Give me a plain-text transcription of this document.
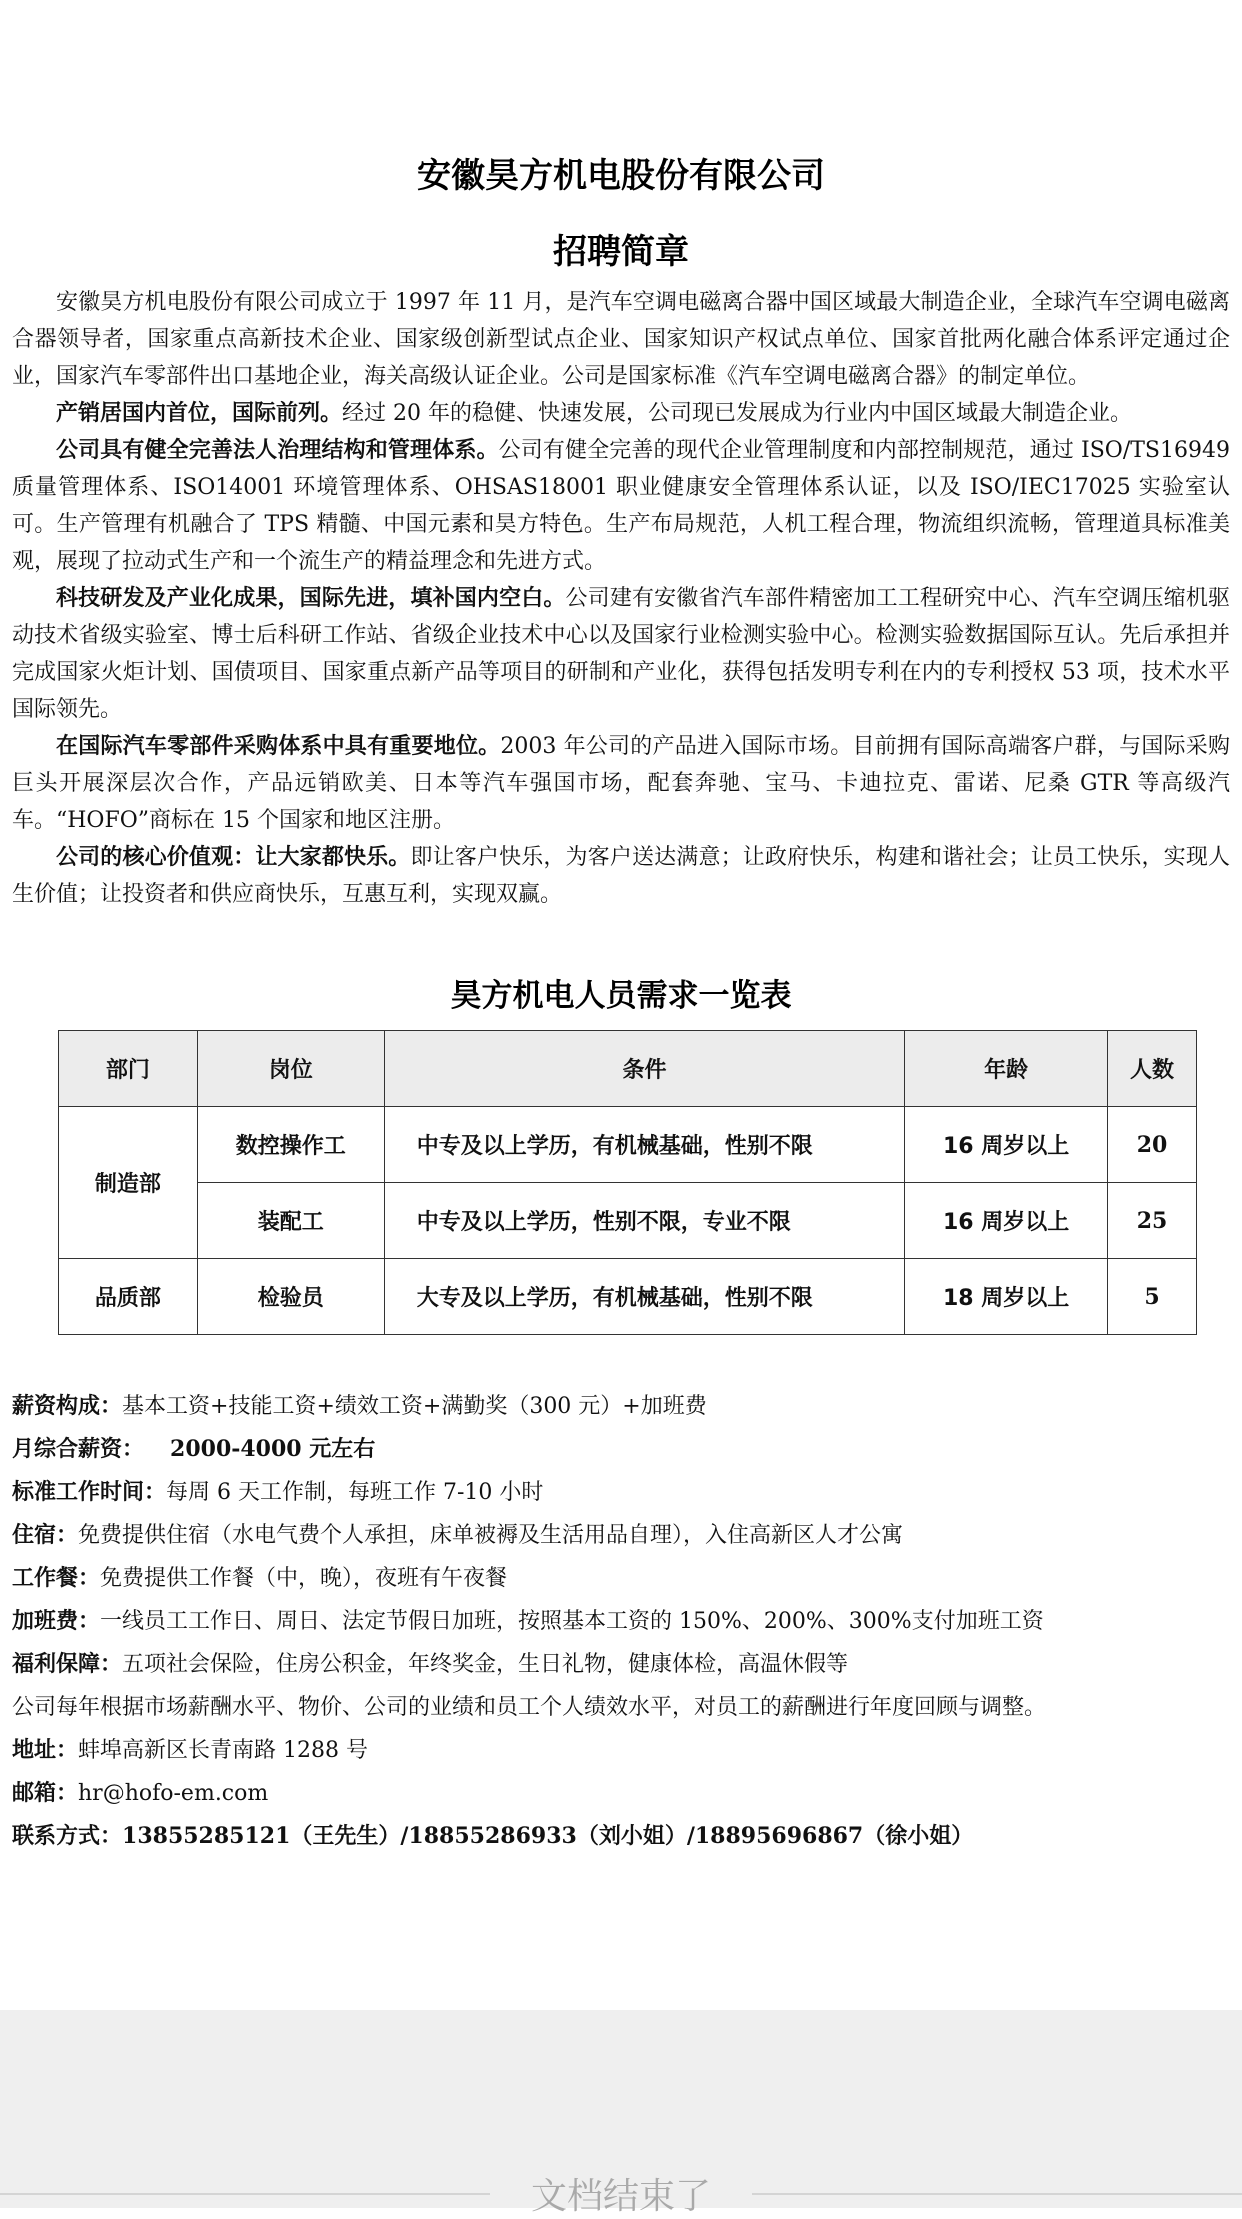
安徽昊方机电股份有限公司
招聘简章

安徽昊方机电股份有限公司成立于 1997 年 11 月，是汽车空调电磁离合器中国区域最大制造企业，全球汽车空调电磁离合器领导者，国家重点高新技术企业、国家级创新型试点企业、国家知识产权试点单位、国家首批两化融合体系评定通过企业，国家汽车零部件出口基地企业，海关高级认证企业。公司是国家标准《汽车空调电磁离合器》的制定单位。

产销居国内首位，国际前列。经过 20 年的稳健、快速发展，公司现已发展成为行业内中国区域最大制造企业。

公司具有健全完善法人治理结构和管理体系。公司有健全完善的现代企业管理制度和内部控制规范，通过 ISO/TS16949 质量管理体系、ISO14001 环境管理体系、OHSAS18001 职业健康安全管理体系认证，以及 ISO/IEC17025 实验室认可。生产管理有机融合了 TPS 精髓、中国元素和昊方特色。生产布局规范，人机工程合理，物流组织流畅，管理道具标准美观，展现了拉动式生产和一个流生产的精益理念和先进方式。

科技研发及产业化成果，国际先进，填补国内空白。公司建有安徽省汽车部件精密加工工程研究中心、汽车空调压缩机驱动技术省级实验室、博士后科研工作站、省级企业技术中心以及国家行业检测实验中心。检测实验数据国际互认。先后承担并完成国家火炬计划、国债项目、国家重点新产品等项目的研制和产业化，获得包括发明专利在内的专利授权 53 项，技术水平国际领先。

在国际汽车零部件采购体系中具有重要地位。2003 年公司的产品进入国际市场。目前拥有国际高端客户群，与国际采购巨头开展深层次合作，产品远销欧美、日本等汽车强国市场，配套奔驰、宝马、卡迪拉克、雷诺、尼桑 GTR 等高级汽车。“HOFO”商标在 15 个国家和地区注册。

公司的核心价值观：让大家都快乐。即让客户快乐，为客户送达满意；让政府快乐，构建和谐社会；让员工快乐，实现人生价值；让投资者和供应商快乐，互惠互利，实现双赢。

昊方机电人员需求一览表
部门	岗位	条件	年龄	人数
制造部	数控操作工	中专及以上学历，有机械基础，性别不限	16 周岁以上	20
	装配工	中专及以上学历，性别不限，专业不限	16 周岁以上	25
品质部	检验员	大专及以上学历，有机械基础，性别不限	18 周岁以上	5
薪资构成：基本工资+技能工资+绩效工资+满勤奖（300 元）+加班费
月综合薪资： 2000-4000 元左右
标准工作时间：每周 6 天工作制，每班工作 7-10 小时
住宿：免费提供住宿（水电气费个人承担，床单被褥及生活用品自理），入住高新区人才公寓
工作餐：免费提供工作餐（中，晚），夜班有午夜餐
加班费：一线员工工作日、周日、法定节假日加班，按照基本工资的 150%、200%、300%支付加班工资
福利保障：五项社会保险，住房公积金，年终奖金，生日礼物，健康体检，高温休假等
公司每年根据市场薪酬水平、物价、公司的业绩和员工个人绩效水平，对员工的薪酬进行年度回顾与调整。
地址：蚌埠高新区长青南路 1288 号
邮箱：hr@hofo-em.com
联系方式：13855285121（王先生）/18855286933（刘小姐）/18895696867（徐小姐）
文档结束了
